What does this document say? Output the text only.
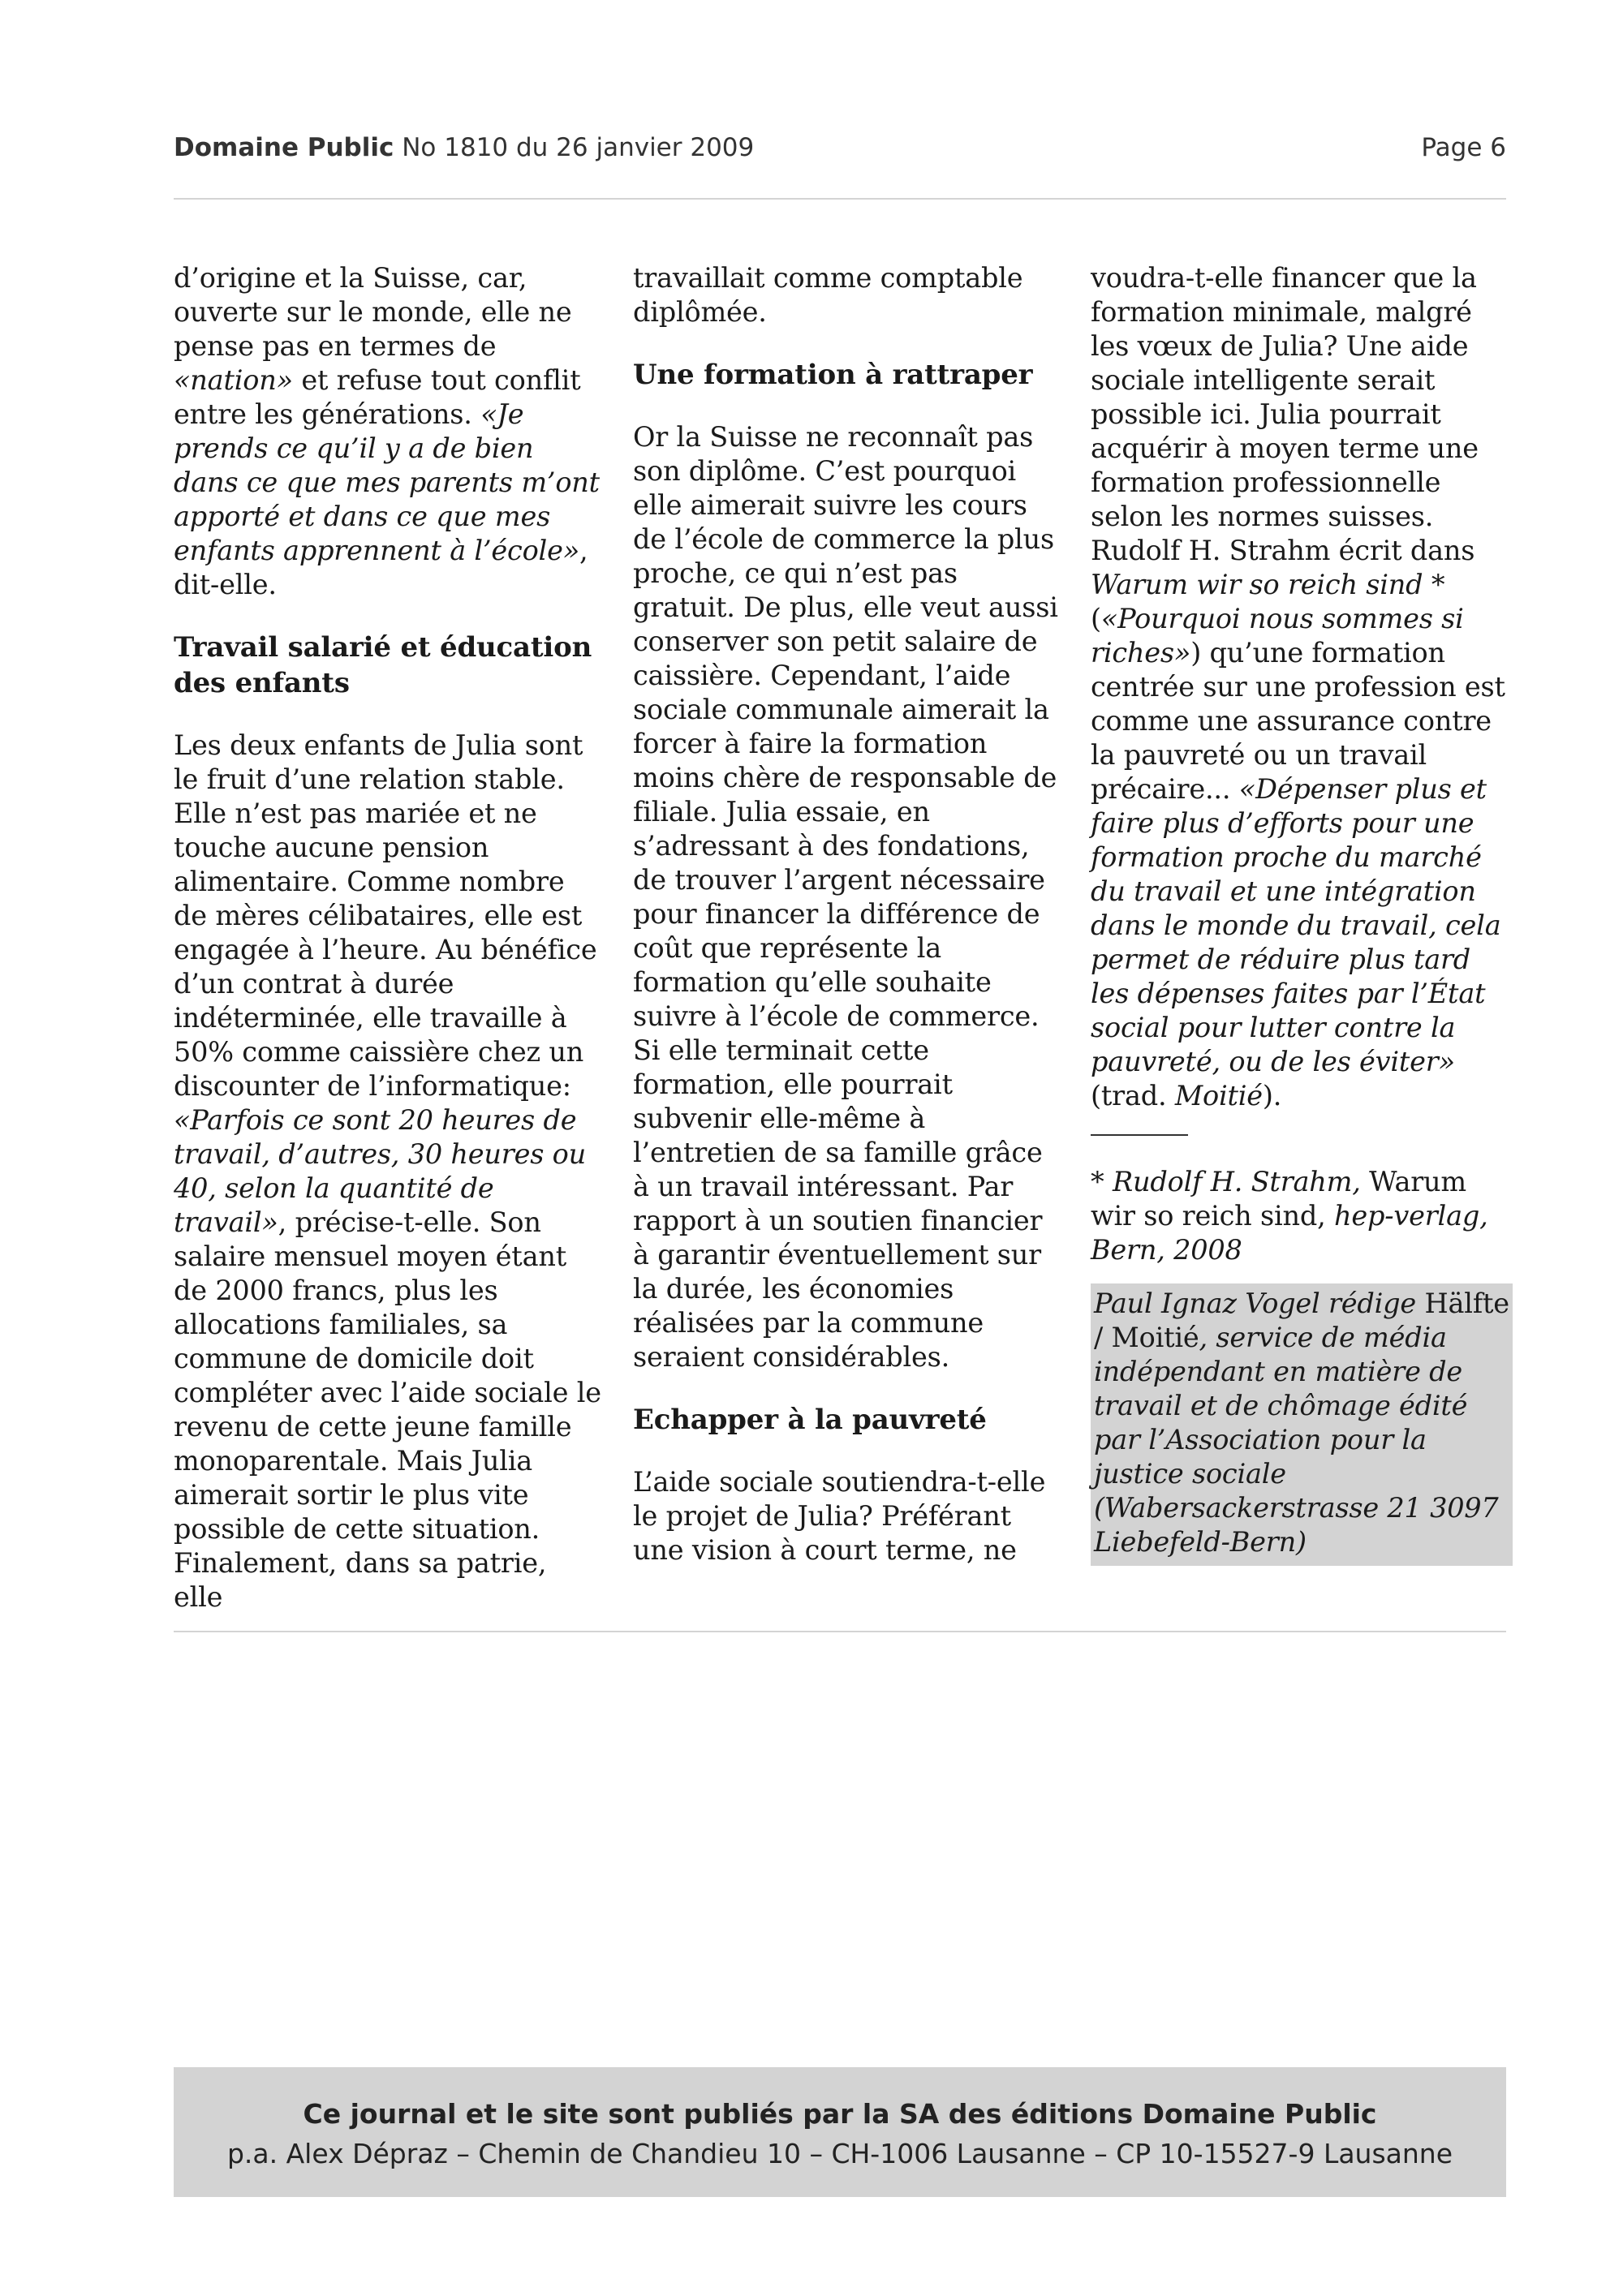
Domaine Public No 1810 du 26 janvier 2009	Page 6

d’origine et la Suisse, car, ouverte sur le monde, elle ne pense pas en termes de «nation» et refuse tout conflit entre les générations. «Je prends ce qu’il y a de bien dans ce que mes parents m’ont apporté et dans ce que mes enfants apprennent à l’école», dit-elle.

Travail salarié et éducation des enfants

Les deux enfants de Julia sont le fruit d’une relation stable. Elle n’est pas mariée et ne touche aucune pension alimentaire. Comme nombre de mères célibataires, elle est engagée à l’heure. Au bénéfice d’un contrat à durée indéterminée, elle travaille à 50% comme caissière chez un discounter de l’informatique: «Parfois ce sont 20 heures de travail, d’autres, 30 heures ou 40, selon la quantité de travail», précise-t-elle. Son salaire mensuel moyen étant de 2000 francs, plus les allocations familiales, sa commune de domicile doit compléter avec l’aide sociale le revenu de cette jeune famille monoparentale. Mais Julia aimerait sortir le plus vite possible de cette situation. Finalement, dans sa patrie, elle

travaillait comme comptable diplômée.

Une formation à rattraper

Or la Suisse ne reconnaît pas son diplôme. C’est pourquoi elle aimerait suivre les cours de l’école de commerce la plus proche, ce qui n’est pas gratuit. De plus, elle veut aussi conserver son petit salaire de caissière. Cependant, l’aide sociale communale aimerait la forcer à faire la formation moins chère de responsable de filiale. Julia essaie, en s’adressant à des fondations, de trouver l’argent nécessaire pour financer la différence de coût que représente la formation qu’elle souhaite suivre à l’école de commerce. Si elle terminait cette formation, elle pourrait subvenir elle-même à l’entretien de sa famille grâce à un travail intéressant. Par rapport à un soutien financier à garantir éventuellement sur la durée, les économies réalisées par la commune seraient considérables.

Echapper à la pauvreté

L’aide sociale soutiendra-t-elle le projet de Julia? Préférant une vision à court terme, ne

voudra-t-elle financer que la formation minimale, malgré les vœux de Julia? Une aide sociale intelligente serait possible ici. Julia pourrait acquérir à moyen terme une formation professionnelle selon les normes suisses. Rudolf H. Strahm écrit dans Warum wir so reich sind * («Pourquoi nous sommes si riches») qu’une formation centrée sur une profession est comme une assurance contre la pauvreté ou un travail précaire... «Dépenser plus et faire plus d’efforts pour une formation proche du marché du travail et une intégration dans le monde du travail, cela permet de réduire plus tard les dépenses faites par l’État social pour lutter contre la pauvreté, ou de les éviter» (trad. Moitié).

* Rudolf H. Strahm, Warum wir so reich sind, hep-verlag, Bern, 2008

Paul Ignaz Vogel rédige Hälfte / Moitié, service de média indépendant en matière de travail et de chômage édité par l’Association pour la justice sociale (Wabersackerstrasse 21 3097 Liebefeld-Bern)
Ce journal et le site sont publiés par la SA des éditions Domaine Public
p.a. Alex Dépraz – Chemin de Chandieu 10 – CH-1006 Lausanne – CP 10-15527-9 Lausanne
